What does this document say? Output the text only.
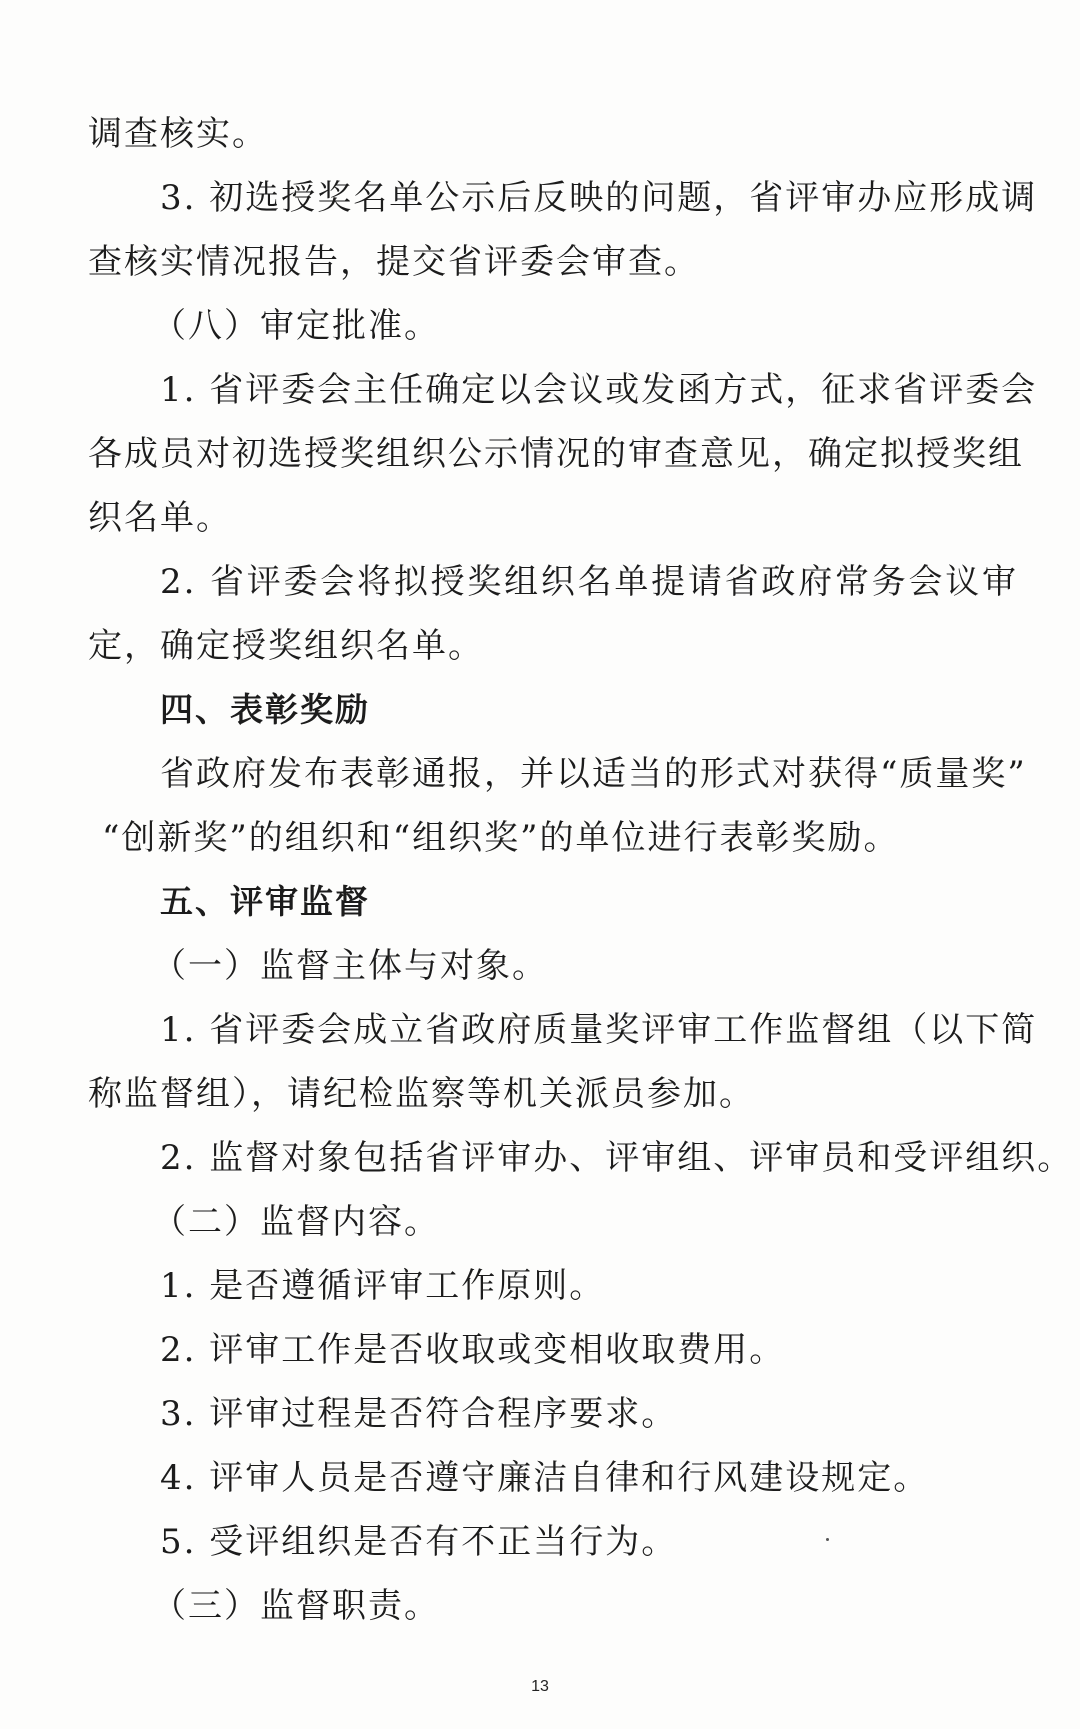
调查核实。
3. 初选授奖名单公示后反映的问题，省评审办应形成调
查核实情况报告，提交省评委会审查。
（八）审定批准。
1. 省评委会主任确定以会议或发函方式，征求省评委会
各成员对初选授奖组织公示情况的审查意见，确定拟授奖组
织名单。
2. 省评委会将拟授奖组织名单提请省政府常务会议审
定，确定授奖组织名单。
四、表彰奖励
省政府发布表彰通报，并以适当的形式对获得“质量奖”
“创新奖”的组织和“组织奖”的单位进行表彰奖励。
五、评审监督
（一）监督主体与对象。
1. 省评委会成立省政府质量奖评审工作监督组（以下简
称监督组），请纪检监察等机关派员参加。
2. 监督对象包括省评审办、评审组、评审员和受评组织。
（二）监督内容。
1. 是否遵循评审工作原则。
2. 评审工作是否收取或变相收取费用。
3. 评审过程是否符合程序要求。
4. 评审人员是否遵守廉洁自律和行风建设规定。
5. 受评组织是否有不正当行为。
（三）监督职责。
13
